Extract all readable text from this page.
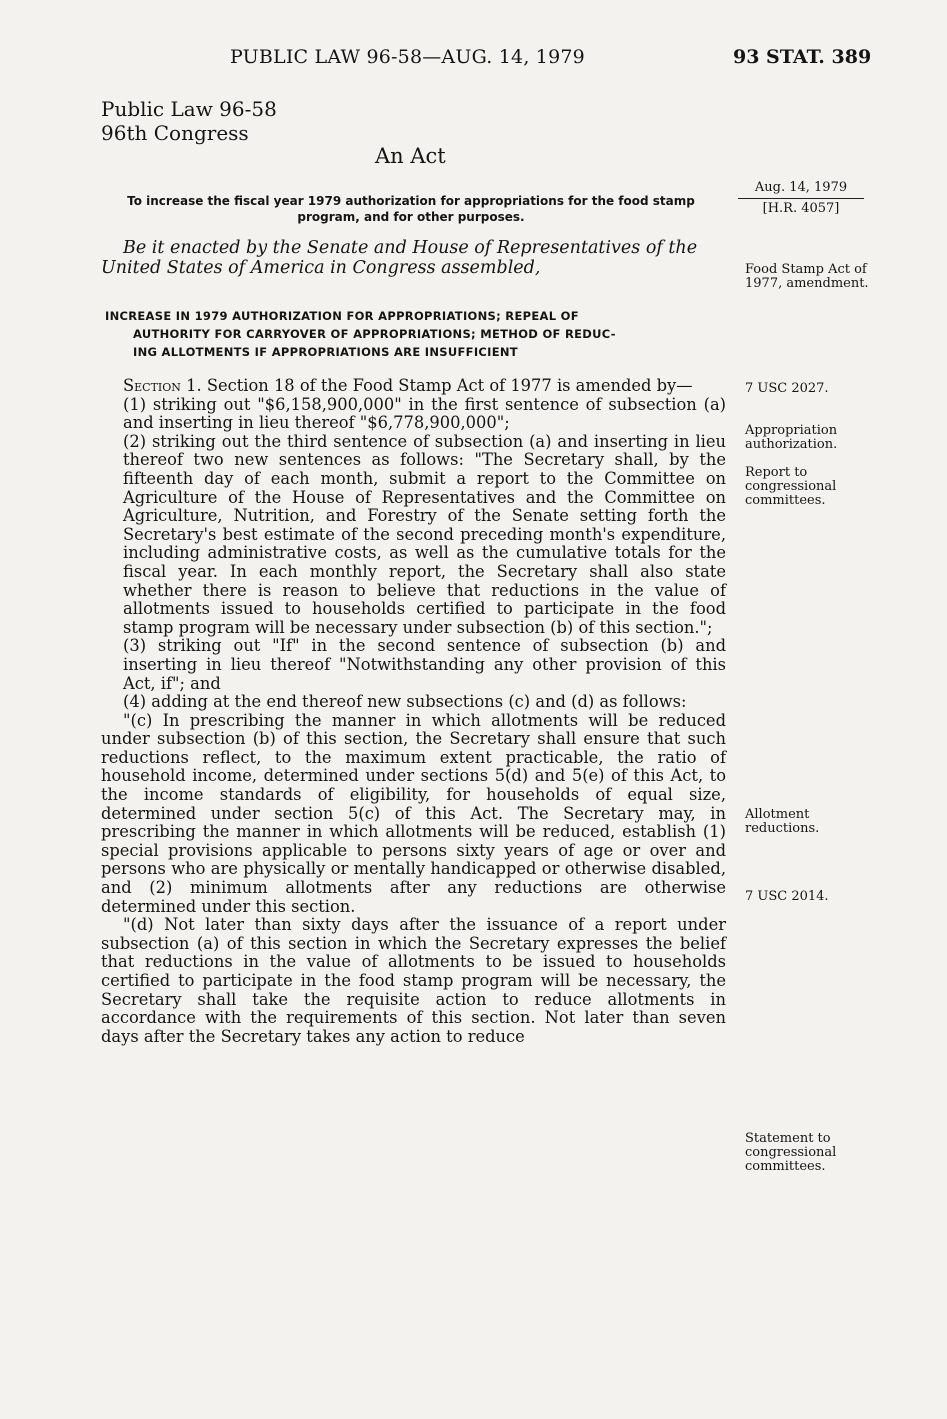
PUBLIC LAW 96-58—AUG. 14, 1979	93 STAT. 389
Public Law 96-58
96th Congress
An Act
To increase the fiscal year 1979 authorization for appropriations for the food stamp
program, and for other purposes.
Aug. 14, 1979
[H.R. 4057]
Be it enacted by the Senate and House of Representatives of the United States of America in Congress assembled,
INCREASE IN 1979 AUTHORIZATION FOR APPROPRIATIONS; REPEAL OF
AUTHORITY FOR CARRYOVER OF APPROPRIATIONS; METHOD OF REDUC-
ING ALLOTMENTS IF APPROPRIATIONS ARE INSUFFICIENT

Section 1. Section 18 of the Food Stamp Act of 1977 is amended by—

(1) striking out "$6,158,900,000" in the first sentence of subsection (a) and inserting in lieu thereof "$6,778,900,000";

(2) striking out the third sentence of subsection (a) and inserting in lieu thereof two new sentences as follows: "The Secretary shall, by the fifteenth day of each month, submit a report to the Committee on Agriculture of the House of Representatives and the Committee on Agriculture, Nutrition, and Forestry of the Senate setting forth the Secretary's best estimate of the second preceding month's expenditure, including administrative costs, as well as the cumulative totals for the fiscal year. In each monthly report, the Secretary shall also state whether there is reason to believe that reductions in the value of allotments issued to households certified to participate in the food stamp program will be necessary under subsection (b) of this section.";

(3) striking out "If" in the second sentence of subsection (b) and inserting in lieu thereof "Notwithstanding any other provision of this Act, if"; and

(4) adding at the end thereof new subsections (c) and (d) as follows:

"(c) In prescribing the manner in which allotments will be reduced under subsection (b) of this section, the Secretary shall ensure that such reductions reflect, to the maximum extent practicable, the ratio of household income, determined under sections 5(d) and 5(e) of this Act, to the income standards of eligibility, for households of equal size, determined under section 5(c) of this Act. The Secretary may, in prescribing the manner in which allotments will be reduced, establish (1) special provisions applicable to persons sixty years of age or over and persons who are physically or mentally handicapped or otherwise disabled, and (2) minimum allotments after any reductions are otherwise determined under this section.

"(d) Not later than sixty days after the issuance of a report under subsection (a) of this section in which the Secretary expresses the belief that reductions in the value of allotments to be issued to households certified to participate in the food stamp program will be necessary, the Secretary shall take the requisite action to reduce allotments in accordance with the requirements of this section. Not later than seven days after the Secretary takes any action to reduce

Food Stamp Act of 1977, amendment.
7 USC 2027.
Appropriation authorization.
Report to congressional committees.
Allotment reductions.
7 USC 2014.
Statement to congressional committees.
